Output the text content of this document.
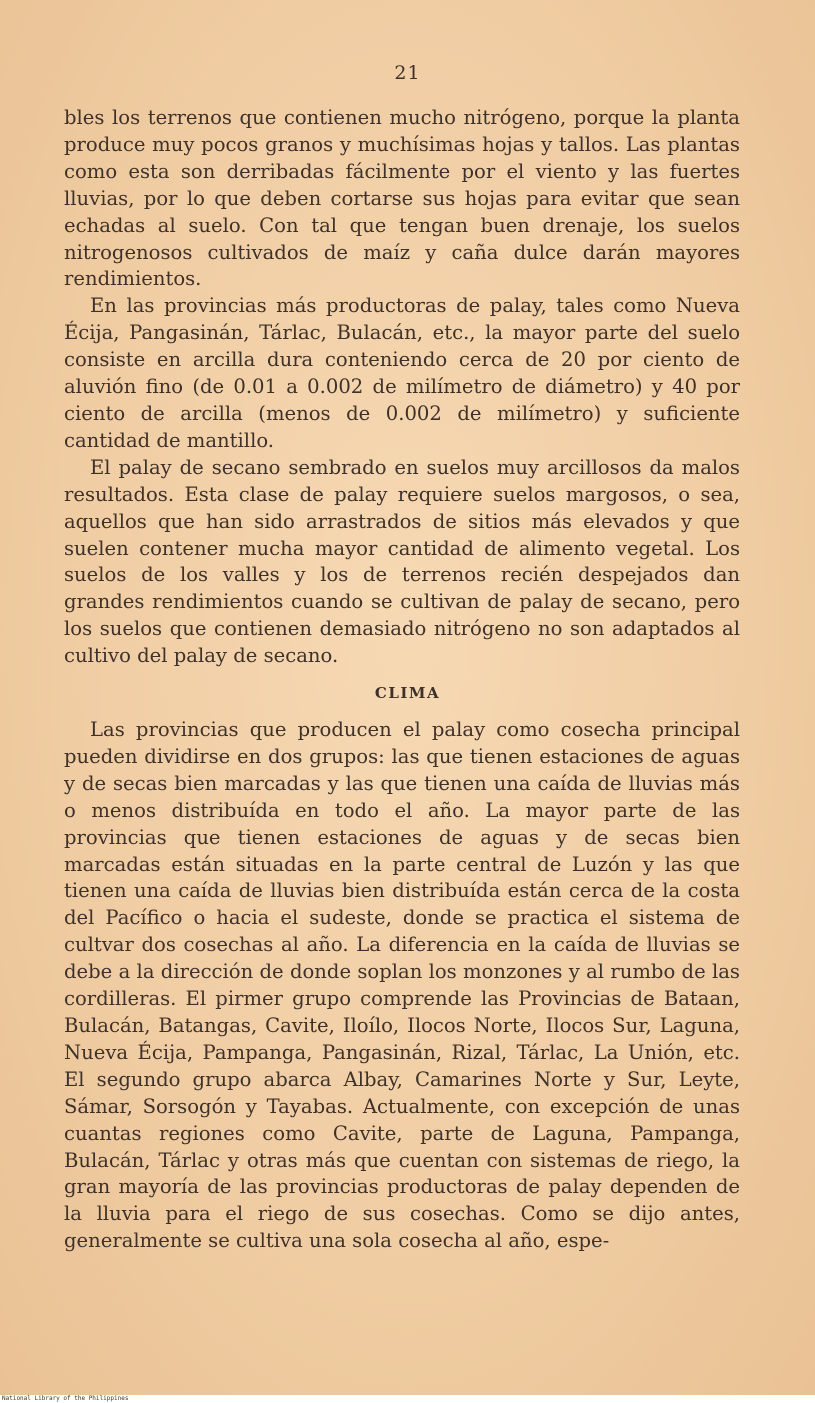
21

bles los terrenos que contienen mucho nitrógeno, porque la planta produce muy pocos granos y muchísimas hojas y tallos. Las plantas como esta son derribadas fácilmente por el viento y las fuertes lluvias, por lo que deben cortarse sus hojas para evitar que sean echadas al suelo. Con tal que tengan buen drenaje, los suelos nitrogenosos cultivados de maíz y caña dulce darán mayores rendimientos.

En las provincias más productoras de palay, tales como Nueva Écija, Pangasinán, Tárlac, Bulacán, etc., la mayor parte del suelo consiste en arcilla dura conteniendo cerca de 20 por ciento de aluvión fino (de 0.01 a 0.002 de milímetro de diámetro) y 40 por ciento de arcilla (menos de 0.002 de milímetro) y suficiente cantidad de mantillo.

El palay de secano sembrado en suelos muy arcillosos da malos resultados. Esta clase de palay requiere suelos margosos, o sea, aquellos que han sido arrastrados de sitios más elevados y que suelen contener mucha mayor cantidad de alimento vegetal. Los suelos de los valles y los de terrenos recién despejados dan grandes rendimientos cuando se cultivan de palay de secano, pero los suelos que contienen demasiado nitrógeno no son adaptados al cultivo del palay de secano.

CLIMA

Las provincias que producen el palay como cosecha principal pueden dividirse en dos grupos: las que tienen estaciones de aguas y de secas bien marcadas y las que tienen una caída de lluvias más o menos distribuída en todo el año. La mayor parte de las provincias que tienen estaciones de aguas y de secas bien marcadas están situadas en la parte central de Luzón y las que tienen una caída de lluvias bien distribuída están cerca de la costa del Pacífico o hacia el sudeste, donde se practica el sistema de cultvar dos cosechas al año. La diferencia en la caída de lluvias se debe a la dirección de donde soplan los monzones y al rumbo de las cordilleras. El pirmer grupo comprende las Provincias de Bataan, Bulacán, Batangas, Cavite, Iloílo, Ilocos Norte, Ilocos Sur, Laguna, Nueva Écija, Pampanga, Pangasinán, Rizal, Tárlac, La Unión, etc. El segundo grupo abarca Albay, Camarines Norte y Sur, Leyte, Sámar, Sorsogón y Tayabas. Actualmente, con excepción de unas cuantas regiones como Cavite, parte de Laguna, Pampanga, Bulacán, Tárlac y otras más que cuentan con sistemas de riego, la gran mayoría de las provincias productoras de palay dependen de la lluvia para el riego de sus cosechas. Como se dijo antes, generalmente se cultiva una sola cosecha al año, espe-

National Library of the Philippines
